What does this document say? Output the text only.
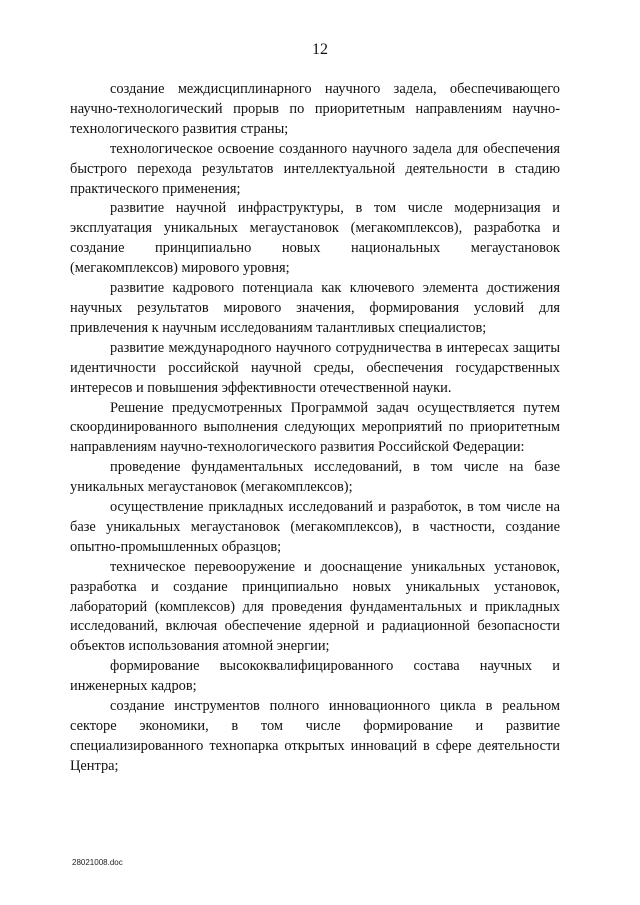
12

создание междисциплинарного научного задела, обеспечивающего научно-технологический прорыв по приоритетным направлениям научно-технологического развития страны;

технологическое освоение созданного научного задела для обеспечения быстрого перехода результатов интеллектуальной деятельности в стадию практического применения;

развитие научной инфраструктуры, в том числе модернизация и эксплуатация уникальных мегаустановок (мегакомплексов), разработка и создание принципиально новых национальных мегаустановок (мегакомплексов) мирового уровня;

развитие кадрового потенциала как ключевого элемента достижения научных результатов мирового значения, формирования условий для привлечения к научным исследованиям талантливых специалистов;

развитие международного научного сотрудничества в интересах защиты идентичности российской научной среды, обеспечения государственных интересов и повышения эффективности отечественной науки.

Решение предусмотренных Программой задач осуществляется путем скоординированного выполнения следующих мероприятий по приоритетным направлениям научно-технологического развития Российской Федерации:

проведение фундаментальных исследований, в том числе на базе уникальных мегаустановок (мегакомплексов);

осуществление прикладных исследований и разработок, в том числе на базе уникальных мегаустановок (мегакомплексов), в частности, создание опытно-промышленных образцов;

техническое перевооружение и дооснащение уникальных установок, разработка и создание принципиально новых уникальных установок, лабораторий (комплексов) для проведения фундаментальных и прикладных исследований, включая обеспечение ядерной и радиационной безопасности объектов использования атомной энергии;

формирование высококвалифицированного состава научных и инженерных кадров;

создание инструментов полного инновационного цикла в реальном секторе экономики, в том числе формирование и развитие специализированного технопарка открытых инноваций в сфере деятельности Центра;

28021008.doc
